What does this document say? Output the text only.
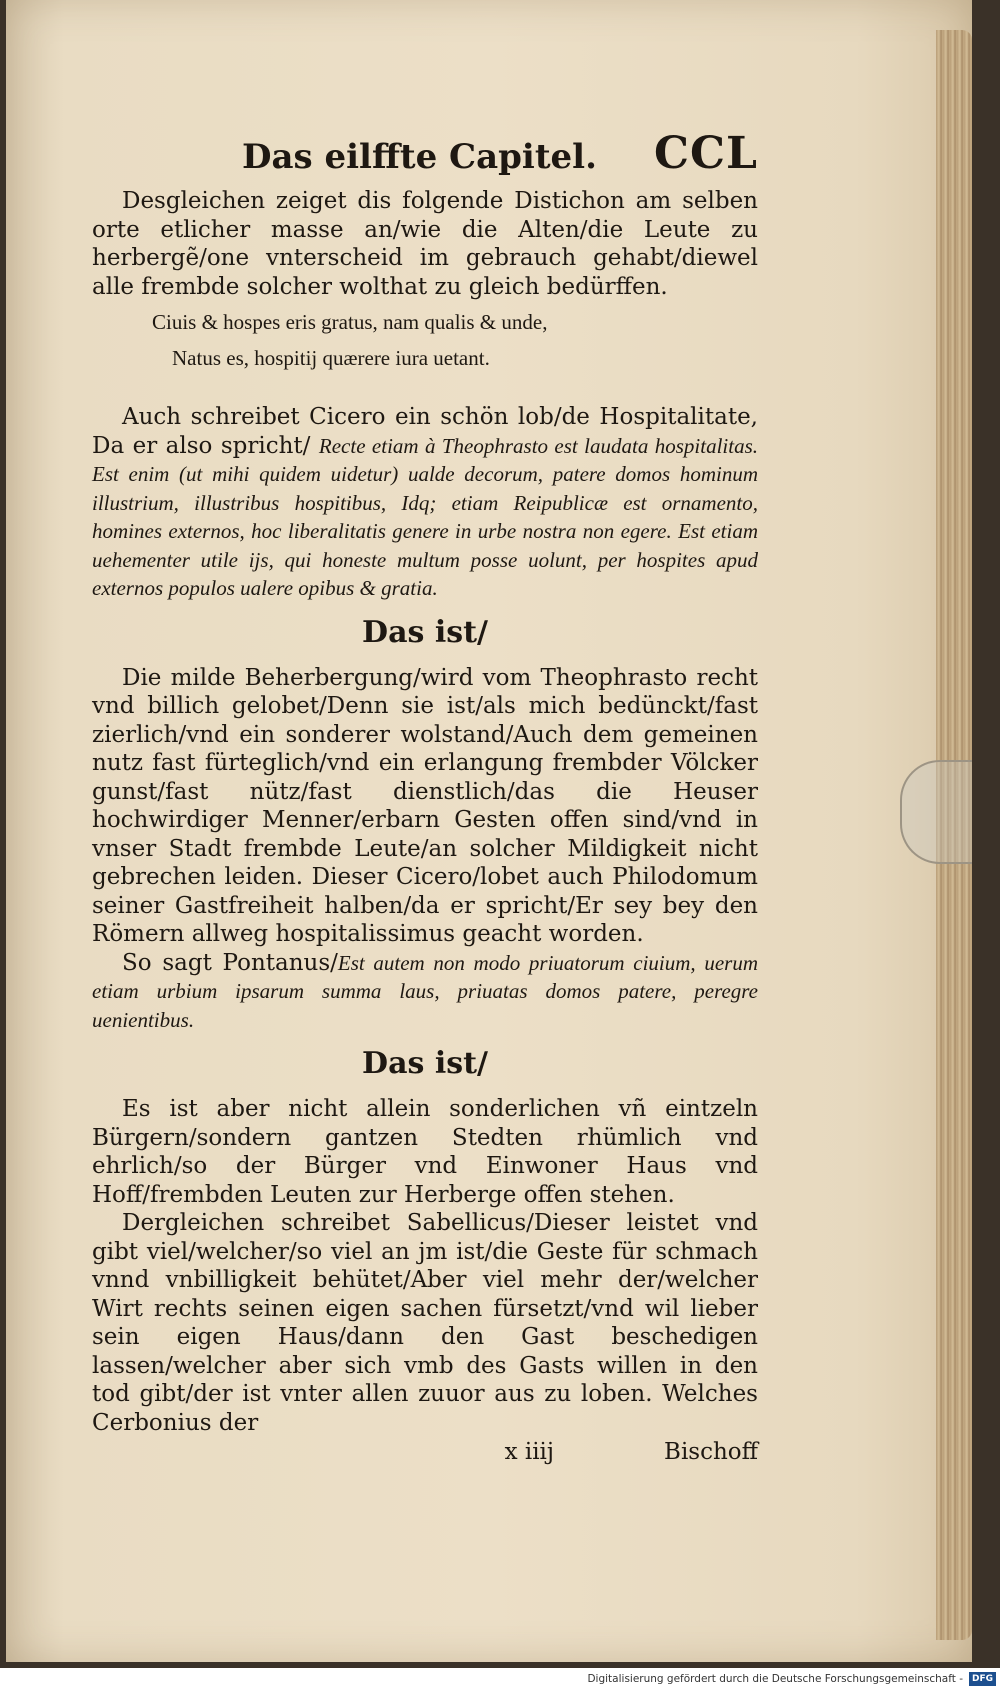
Das eilffte Capitel. CCL

Desgleichen zeiget dis folgende Distichon am selben orte etlicher masse an/wie die Alten/die Leute zu herbergẽ/one vnterscheid im gebrauch gehabt/diewel alle frembde solcher wolthat zu gleich bedürffen.

Ciuis & hospes eris gratus, nam qualis & unde,

Natus es, hospitij quærere iura uetant.

Auch schreibet Cicero ein schön lob/de Hospitalitate, Da er also spricht/ Recte etiam à Theophrasto est laudata hospitalitas. Est enim (ut mihi quidem uidetur) ualde decorum, patere domos hominum illustrium, illustribus hospitibus, Idq; etiam Reipublicæ est ornamento, homines externos, hoc liberalitatis genere in urbe nostra non egere. Est etiam uehementer utile ijs, qui honeste multum posse uolunt, per hospites apud externos populos ualere opibus & gratia.

Das ist/

Die milde Beherbergung/wird vom Theophrasto recht vnd billich gelobet/Denn sie ist/als mich bedünckt/fast zierlich/vnd ein sonderer wolstand/Auch dem gemeinen nutz fast fürteglich/vnd ein erlangung frembder Völcker gunst/fast nütz/fast dienstlich/das die Heuser hochwirdiger Menner/erbarn Gesten offen sind/vnd in vnser Stadt frembde Leute/an solcher Mildigkeit nicht gebrechen leiden. Dieser Cicero/lobet auch Philodomum seiner Gastfreiheit halben/da er spricht/Er sey bey den Römern allweg hospitalissimus geacht worden.

So sagt Pontanus/Est autem non modo priuatorum ciuium, uerum etiam urbium ipsarum summa laus, priuatas domos patere, peregre uenientibus.

Das ist/

Es ist aber nicht allein sonderlichen vñ eintzeln Bürgern/sondern gantzen Stedten rhümlich vnd ehrlich/so der Bürger vnd Einwoner Haus vnd Hoff/frembden Leuten zur Herberge offen stehen.

Dergleichen schreibet Sabellicus/Dieser leistet vnd gibt viel/welcher/so viel an jm ist/die Geste für schmach vnnd vnbilligkeit behütet/Aber viel mehr der/welcher Wirt rechts seinen eigen sachen fürsetzt/vnd wil lieber sein eigen Haus/dann den Gast beschedigen lassen/welcher aber sich vmb des Gasts willen in den tod gibt/der ist vnter allen zuuor aus zu loben. Welches Cerbonius der

x iiij	Bischoff
Digitalisierung gefördert durch die Deutsche Forschungsgemeinschaft -	DFG
